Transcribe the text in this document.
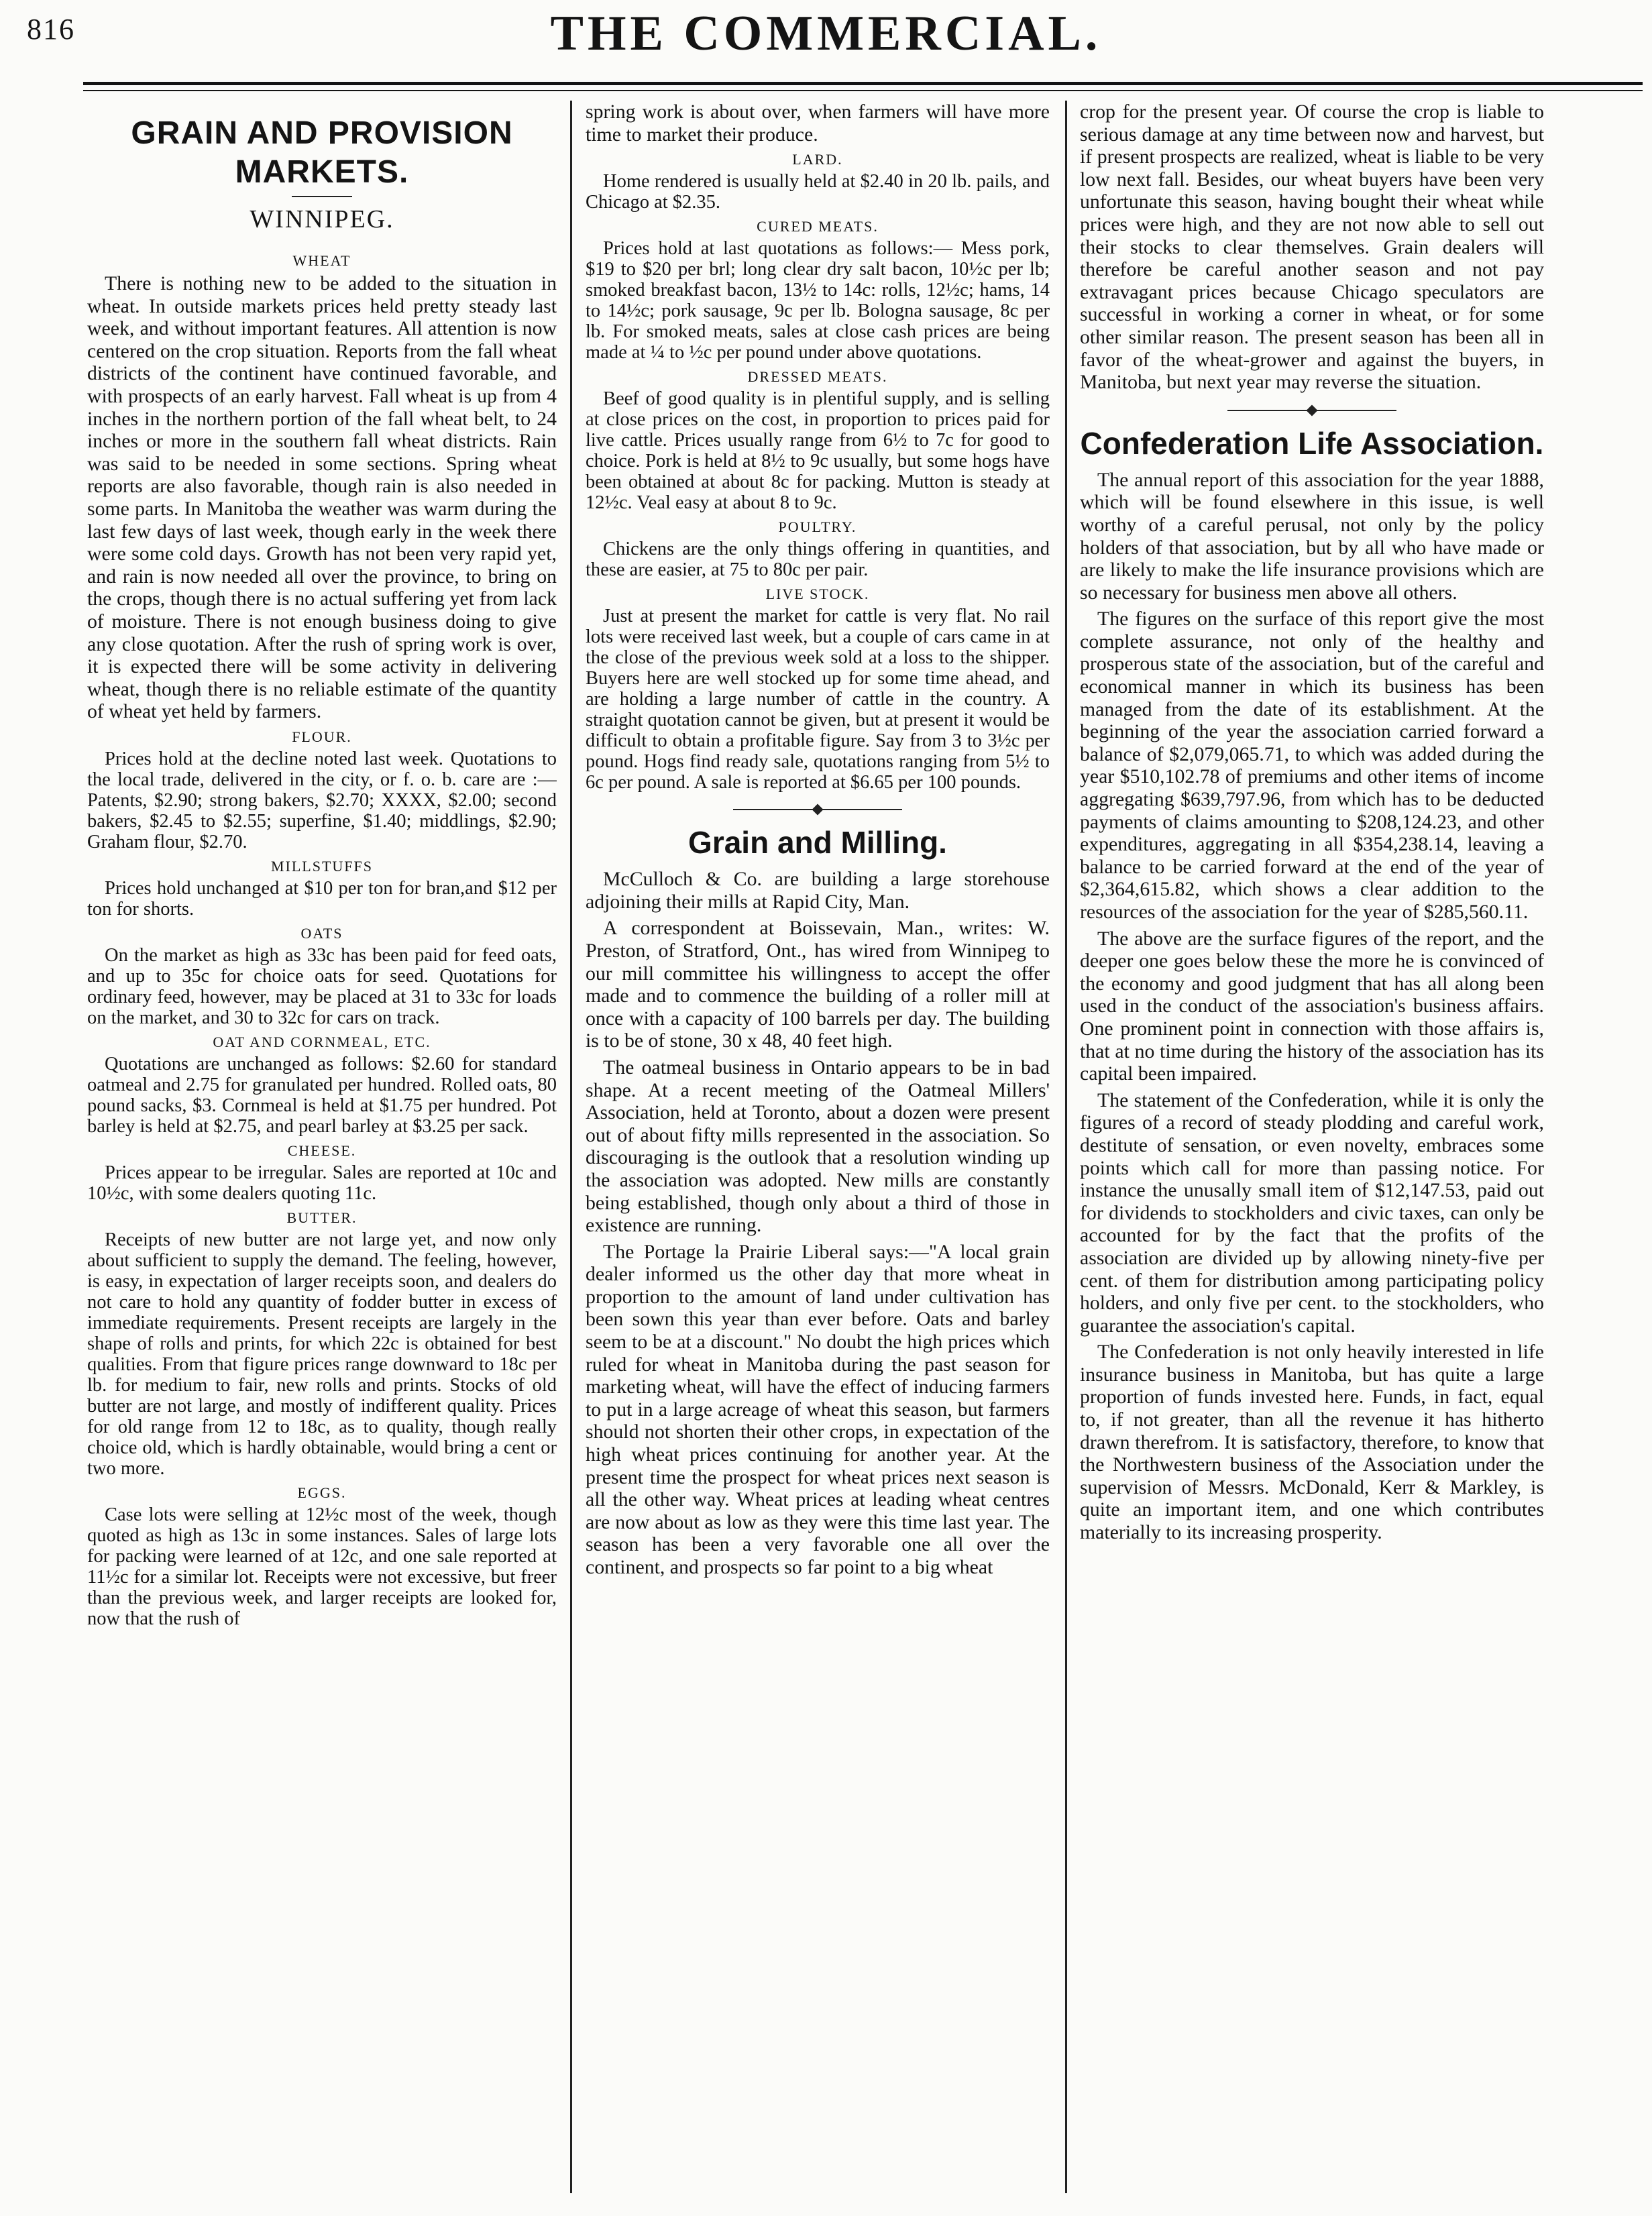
816	THE COMMERCIAL.
GRAIN AND PROVISION MARKETS.
WINNIPEG.
WHEAT

There is nothing new to be added to the situation in wheat. In outside markets prices held pretty steady last week, and without important features. All attention is now centered on the crop situation. Reports from the fall wheat districts of the continent have continued favorable, and with prospects of an early harvest. Fall wheat is up from 4 inches in the northern portion of the fall wheat belt, to 24 inches or more in the southern fall wheat districts. Rain was said to be needed in some sections. Spring wheat reports are also favorable, though rain is also needed in some parts. In Manitoba the weather was warm during the last few days of last week, though early in the week there were some cold days. Growth has not been very rapid yet, and rain is now needed all over the province, to bring on the crops, though there is no actual suffering yet from lack of moisture. There is not enough business doing to give any close quotation. After the rush of spring work is over, it is expected there will be some activity in delivering wheat, though there is no reliable estimate of the quantity of wheat yet held by farmers.

FLOUR.

Prices hold at the decline noted last week. Quotations to the local trade, delivered in the city, or f. o. b. care are :—Patents, $2.90; strong bakers, $2.70; XXXX, $2.00; second bakers, $2.45 to $2.55; superfine, $1.40; middlings, $2.90; Graham flour, $2.70.

MILLSTUFFS

Prices hold unchanged at $10 per ton for bran,and $12 per ton for shorts.

OATS

On the market as high as 33c has been paid for feed oats, and up to 35c for choice oats for seed. Quotations for ordinary feed, however, may be placed at 31 to 33c for loads on the market, and 30 to 32c for cars on track.

OAT AND CORNMEAL, ETC.

Quotations are unchanged as follows: $2.60 for standard oatmeal and 2.75 for granulated per hundred. Rolled oats, 80 pound sacks, $3. Cornmeal is held at $1.75 per hundred. Pot barley is held at $2.75, and pearl barley at $3.25 per sack.

CHEESE.

Prices appear to be irregular. Sales are reported at 10c and 10½c, with some dealers quoting 11c.

BUTTER.

Receipts of new butter are not large yet, and now only about sufficient to supply the demand. The feeling, however, is easy, in expectation of larger receipts soon, and dealers do not care to hold any quantity of fodder butter in excess of immediate requirements. Present receipts are largely in the shape of rolls and prints, for which 22c is obtained for best qualities. From that figure prices range downward to 18c per lb. for medium to fair, new rolls and prints. Stocks of old butter are not large, and mostly of indifferent quality. Prices for old range from 12 to 18c, as to quality, though really choice old, which is hardly obtainable, would bring a cent or two more.

EGGS.

Case lots were selling at 12½c most of the week, though quoted as high as 13c in some instances. Sales of large lots for packing were learned of at 12c, and one sale reported at 11½c for a similar lot. Receipts were not excessive, but freer than the previous week, and larger receipts are looked for, now that the rush of

spring work is about over, when farmers will have more time to market their produce.

LARD.

Home rendered is usually held at $2.40 in 20 lb. pails, and Chicago at $2.35.

CURED MEATS.

Prices hold at last quotations as follows:— Mess pork, $19 to $20 per brl; long clear dry salt bacon, 10½c per lb; smoked breakfast bacon, 13½ to 14c: rolls, 12½c; hams, 14 to 14½c; pork sausage, 9c per lb. Bologna sausage, 8c per lb. For smoked meats, sales at close cash prices are being made at ¼ to ½c per pound under above quotations.

DRESSED MEATS.

Beef of good quality is in plentiful supply, and is selling at close prices on the cost, in proportion to prices paid for live cattle. Prices usually range from 6½ to 7c for good to choice. Pork is held at 8½ to 9c usually, but some hogs have been obtained at about 8c for packing. Mutton is steady at 12½c. Veal easy at about 8 to 9c.

POULTRY.

Chickens are the only things offering in quantities, and these are easier, at 75 to 80c per pair.

LIVE STOCK.

Just at present the market for cattle is very flat. No rail lots were received last week, but a couple of cars came in at the close of the previous week sold at a loss to the shipper. Buyers here are well stocked up for some time ahead, and are holding a large number of cattle in the country. A straight quotation cannot be given, but at present it would be difficult to obtain a profitable figure. Say from 3 to 3½c per pound. Hogs find ready sale, quotations ranging from 5½ to 6c per pound. A sale is reported at $6.65 per 100 pounds.

Grain and Milling.

McCulloch & Co. are building a large storehouse adjoining their mills at Rapid City, Man.

A correspondent at Boissevain, Man., writes: W. Preston, of Stratford, Ont., has wired from Winnipeg to our mill committee his willingness to accept the offer made and to commence the building of a roller mill at once with a capacity of 100 barrels per day. The building is to be of stone, 30 x 48, 40 feet high.

The oatmeal business in Ontario appears to be in bad shape. At a recent meeting of the Oatmeal Millers' Association, held at Toronto, about a dozen were present out of about fifty mills represented in the association. So discouraging is the outlook that a resolution winding up the association was adopted. New mills are constantly being established, though only about a third of those in existence are running.

The Portage la Prairie Liberal says:—"A local grain dealer informed us the other day that more wheat in proportion to the amount of land under cultivation has been sown this year than ever before. Oats and barley seem to be at a discount." No doubt the high prices which ruled for wheat in Manitoba during the past season for marketing wheat, will have the effect of inducing farmers to put in a large acreage of wheat this season, but farmers should not shorten their other crops, in expectation of the high wheat prices continuing for another year. At the present time the prospect for wheat prices next season is all the other way. Wheat prices at leading wheat centres are now about as low as they were this time last year. The season has been a very favorable one all over the continent, and prospects so far point to a big wheat

crop for the present year. Of course the crop is liable to serious damage at any time between now and harvest, but if present prospects are realized, wheat is liable to be very low next fall. Besides, our wheat buyers have been very unfortunate this season, having bought their wheat while prices were high, and they are not now able to sell out their stocks to clear themselves. Grain dealers will therefore be careful another season and not pay extravagant prices because Chicago speculators are successful in working a corner in wheat, or for some other similar reason. The present season has been all in favor of the wheat-grower and against the buyers, in Manitoba, but next year may reverse the situation.

Confederation Life Association.

The annual report of this association for the year 1888, which will be found elsewhere in this issue, is well worthy of a careful perusal, not only by the policy holders of that association, but by all who have made or are likely to make the life insurance provisions which are so necessary for business men above all others.

The figures on the surface of this report give the most complete assurance, not only of the healthy and prosperous state of the association, but of the careful and economical manner in which its business has been managed from the date of its establishment. At the beginning of the year the association carried forward a balance of $2,079,065.71, to which was added during the year $510,102.78 of premiums and other items of income aggregating $639,797.96, from which has to be deducted payments of claims amounting to $208,124.23, and other expenditures, aggregating in all $354,238.14, leaving a balance to be carried forward at the end of the year of $2,364,615.82, which shows a clear addition to the resources of the association for the year of $285,560.11.

The above are the surface figures of the report, and the deeper one goes below these the more he is convinced of the economy and good judgment that has all along been used in the conduct of the association's business affairs. One prominent point in connection with those affairs is, that at no time during the history of the association has its capital been impaired.

The statement of the Confederation, while it is only the figures of a record of steady plodding and careful work, destitute of sensation, or even novelty, embraces some points which call for more than passing notice. For instance the unusally small item of $12,147.53, paid out for dividends to stockholders and civic taxes, can only be accounted for by the fact that the profits of the association are divided up by allowing ninety-five per cent. of them for distribution among participating policy holders, and only five per cent. to the stockholders, who guarantee the association's capital.

The Confederation is not only heavily interested in life insurance business in Manitoba, but has quite a large proportion of funds invested here. Funds, in fact, equal to, if not greater, than all the revenue it has hitherto drawn therefrom. It is satisfactory, therefore, to know that the Northwestern business of the Association under the supervision of Messrs. McDonald, Kerr & Markley, is quite an important item, and one which contributes materially to its increasing prosperity.
